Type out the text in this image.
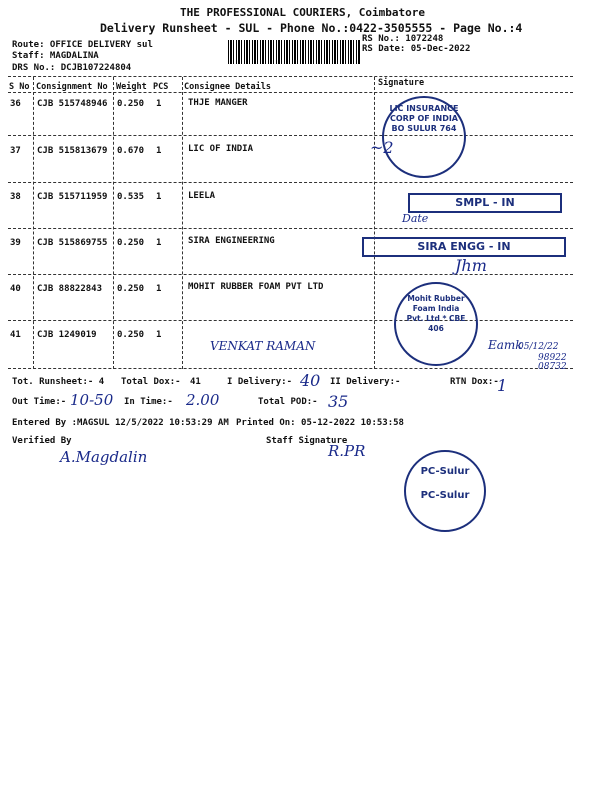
THE PROFESSIONAL COURIERS, Coimbatore
Delivery Runsheet - SUL - Phone No.:0422-3505555 - Page No.:4
Route: OFFICE DELIVERY sul
Staff: MAGDALINA
DRS No.: DCJB107224804
RS No.: 1072248
RS Date: 05-Dec-2022
S No Consignment No Weight PCS Consignee Details	Signature
36 CJB 515748946 0.250 1	THJE MANGER
37 CJB 515813679 0.670 1	LIC OF INDIA
38 CJB 515711959 0.535 1	LEELA
39 CJB 515869755 0.250 1	SIRA ENGINEERING
40 CJB 88822843 0.250 1	MOHIT RUBBER FOAM PVT LTD
41 CJB 1249019 0.250 1
VENKAT RAMAN
LIC INSURANCE CORP OF INDIA BO SULUR 764
~2
SMPL - IN
Date
SIRA ENGG - IN
Jhm
Mohit Rubber Foam India Pvt. Ltd * CBE 406
Eamk
05/12/22
98922 08732
Tot. Runsheet:- 4 Total Dox:- 41	I Delivery:- 40 II Delivery:-	RTN Dox:-
1
Out Time:- 10-50 In Time:- 2.00	Total POD:- 35
Entered By :MAGSUL 12/5/2022 10:53:29 AM Printed On: 05-12-2022 10:53:58
Verified By
A.Magdalin
Staff Signature
R.PR
PC-Sulur PC-Sulur
